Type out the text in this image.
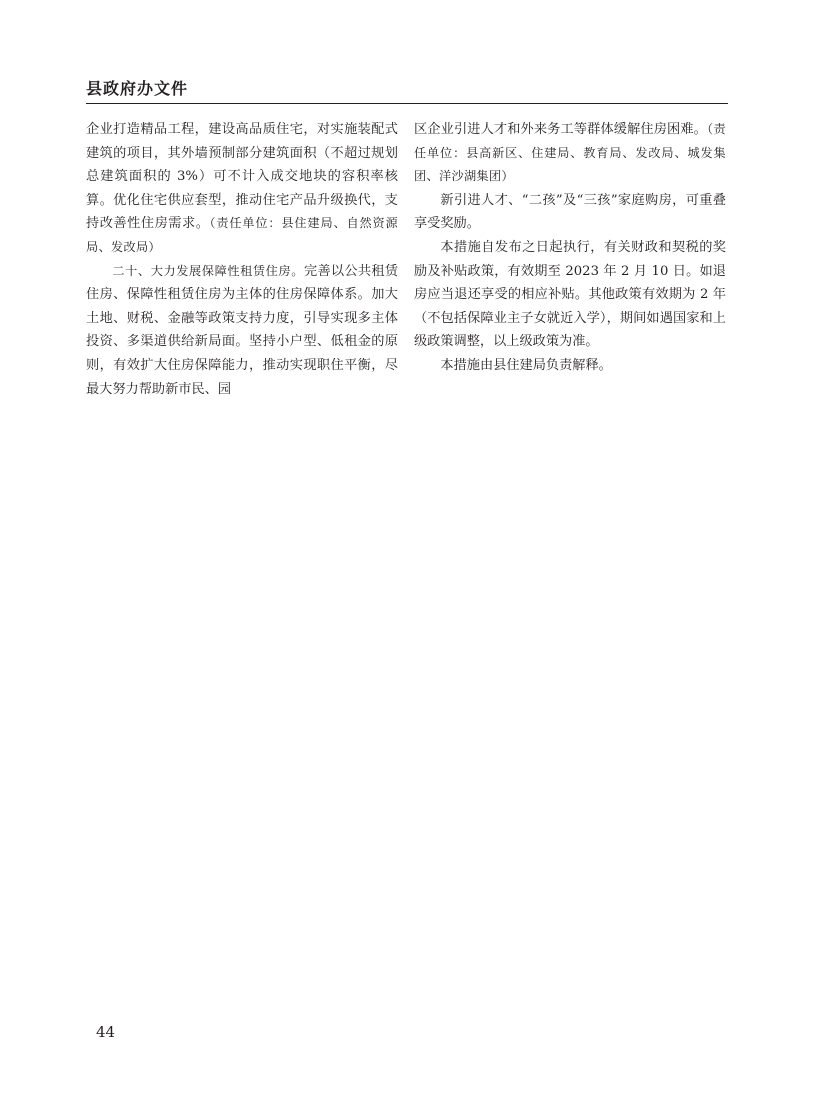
县政府办文件

企业打造精品工程，建设高品质住宅，对实施装配式建筑的项目，其外墙预制部分建筑面积（不超过规划总建筑面积的 3%）可不计入成交地块的容积率核算。优化住宅供应套型，推动住宅产品升级换代，支持改善性住房需求。（责任单位：县住建局、自然资源局、发改局）

二十、大力发展保障性租赁住房。完善以公共租赁住房、保障性租赁住房为主体的住房保障体系。加大土地、财税、金融等政策支持力度，引导实现多主体投资、多渠道供给新局面。坚持小户型、低租金的原则，有效扩大住房保障能力，推动实现职住平衡，尽最大努力帮助新市民、园

区企业引进人才和外来务工等群体缓解住房困难。（责任单位：县高新区、住建局、教育局、发改局、城发集团、洋沙湖集团）

新引进人才、“二孩”及“三孩”家庭购房，可重叠享受奖励。

本措施自发布之日起执行，有关财政和契税的奖励及补贴政策，有效期至 2023 年 2 月 10 日。如退房应当退还享受的相应补贴。其他政策有效期为 2 年（不包括保障业主子女就近入学），期间如遇国家和上级政策调整，以上级政策为准。

本措施由县住建局负责解释。

44
